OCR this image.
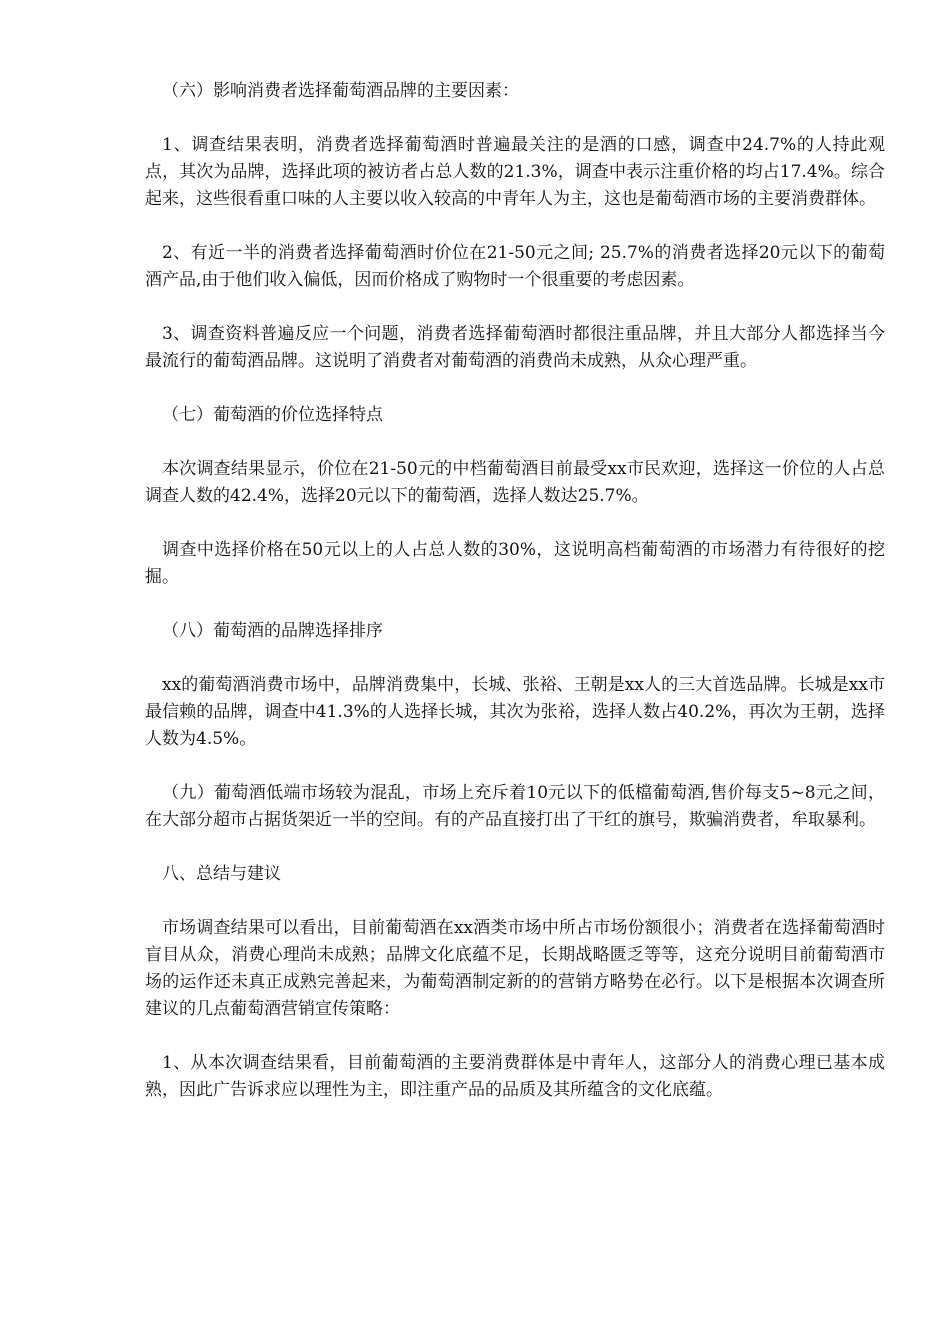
（六）影响消费者选择葡萄酒品牌的主要因素：

1、调查结果表明，消费者选择葡萄酒时普遍最关注的是酒的口感，调查中24.7%的人持此观点，其次为品牌，选择此项的被访者占总人数的21.3%，调查中表示注重价格的均占17.4%。综合起来，这些很看重口味的人主要以收入较高的中青年人为主，这也是葡萄酒市场的主要消费群体。

2、有近一半的消费者选择葡萄酒时价位在21-50元之间; 25.7%的消费者选择20元以下的葡萄酒产品,由于他们收入偏低，因而价格成了购物时一个很重要的考虑因素。

3、调查资料普遍反应一个问题，消费者选择葡萄酒时都很注重品牌，并且大部分人都选择当今最流行的葡萄酒品牌。这说明了消费者对葡萄酒的消费尚未成熟，从众心理严重。

（七）葡萄酒的价位选择特点

本次调查结果显示，价位在21-50元的中档葡萄酒目前最受xx市民欢迎，选择这一价位的人占总调查人数的42.4%，选择20元以下的葡萄酒，选择人数达25.7%。

调查中选择价格在50元以上的人占总人数的30%，这说明高档葡萄酒的市场潜力有待很好的挖掘。

（八）葡萄酒的品牌选择排序

xx的葡萄酒消费市场中，品牌消费集中，长城、张裕、王朝是xx人的三大首选品牌。长城是xx市最信赖的品牌，调查中41.3%的人选择长城，其次为张裕，选择人数占40.2%，再次为王朝，选择人数为4.5%。

（九）葡萄酒低端市场较为混乱，市场上充斥着10元以下的低檔葡萄酒,售价每支5~8元之间，在大部分超市占据货架近一半的空间。有的产品直接打出了干红的旗号，欺骗消费者，牟取暴利。

八、总结与建议

市场调查结果可以看出，目前葡萄酒在xx酒类市场中所占市场份额很小；消费者在选择葡萄酒时盲目从众，消费心理尚未成熟；品牌文化底蕴不足，长期战略匮乏等等，这充分说明目前葡萄酒市场的运作还未真正成熟完善起来，为葡萄酒制定新的的营销方略势在必行。以下是根据本次调查所建议的几点葡萄酒营销宣传策略：

1、从本次调查结果看，目前葡萄酒的主要消费群体是中青年人，这部分人的消费心理已基本成熟，因此广告诉求应以理性为主，即注重产品的品质及其所蕴含的文化底蕴。
